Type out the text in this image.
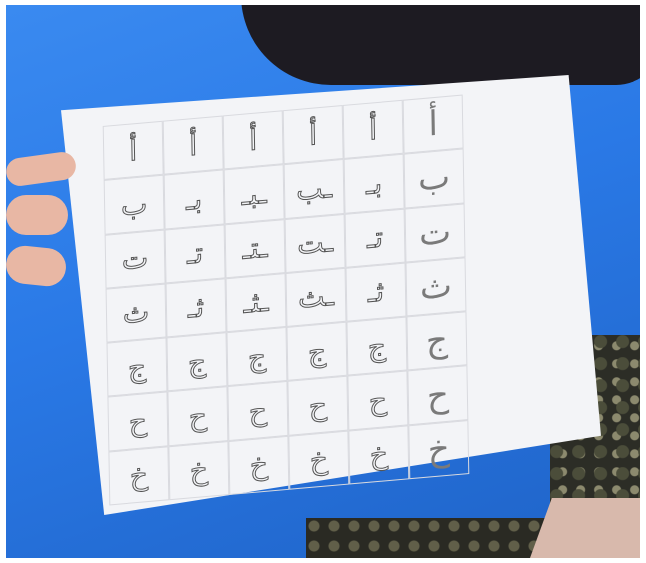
أ	أ	أ	أ	أ	أ
ب	بـ	ـبـ	ـب	بـ	ب
ت	تـ	ـتـ	ـت	تـ	ت
ث	ثـ	ـثـ	ـث	ثـ	ث
ج	ج	ج	ج	ج	ج
ح	ح	ح	ح	ح	ح
خ	خ	خ	خ	خ	خ
